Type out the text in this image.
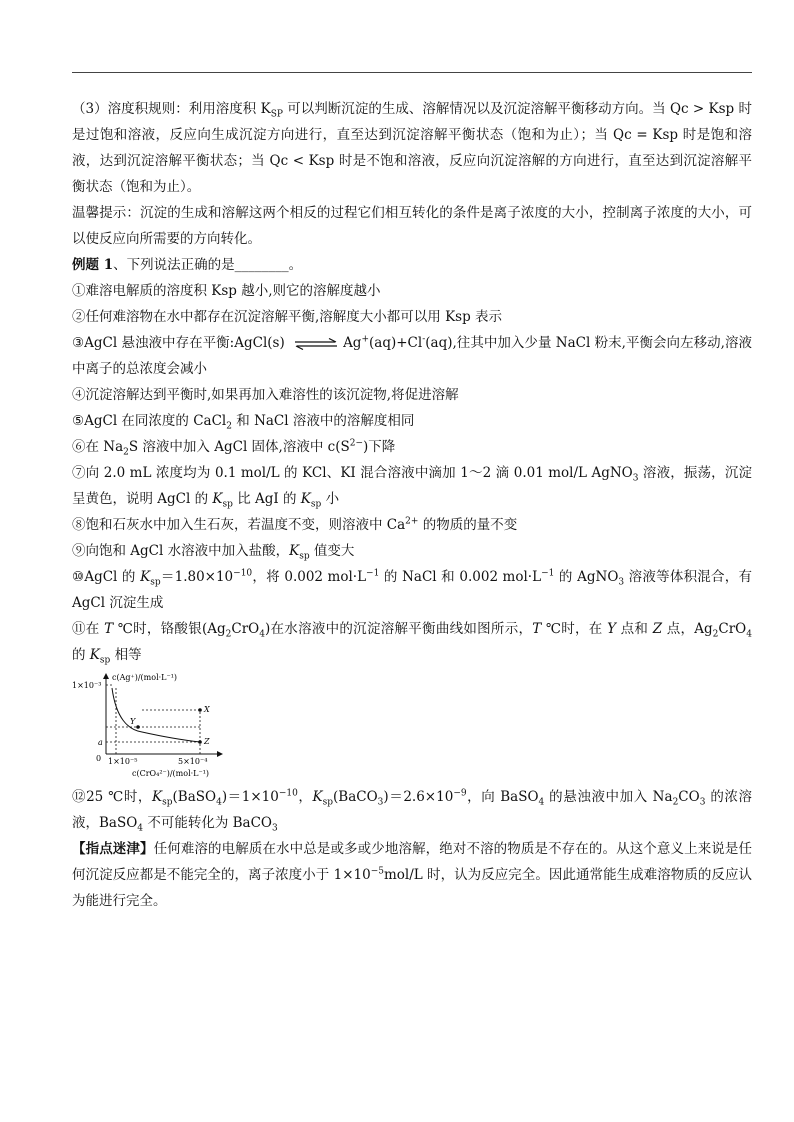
（3）溶度积规则：利用溶度积 $K_{SP}$ 可以判断沉淀的生成、溶解情况以及沉淀溶解平衡移动方向。当 Qc > Ksp 时是过饱和溶液，反应向生成沉淀方向进行，直至达到沉淀溶解平衡状态（饱和为止）；当 Qc = Ksp 时是饱和溶液，达到沉淀溶解平衡状态；当 Qc < Ksp 时是不饱和溶液，反应向沉淀溶解的方向进行，直至达到沉淀溶解平衡状态（饱和为止）。

温馨提示：沉淀的生成和溶解这两个相反的过程它们相互转化的条件是离子浓度的大小，控制离子浓度的大小，可以使反应向所需要的方向转化。

例题 1、下列说法正确的是________。

①难溶电解质的溶度积 Ksp 越小,则它的溶解度越小

②任何难溶物在水中都存在沉淀溶解平衡,溶解度大小都可以用 Ksp 表示

③AgCl 悬浊液中存在平衡:AgCl(s) ⇌ Ag+(aq)+Cl-(aq),往其中加入少量 NaCl 粉末,平衡会向左移动,溶液中离子的总浓度会减小

④沉淀溶解达到平衡时,如果再加入难溶性的该沉淀物,将促进溶解

⑤AgCl 在同浓度的 CaCl$_2$ 和 NaCl 溶液中的溶解度相同

⑥在 $Na_2S$ 溶液中加入 AgCl 固体,溶液中 $c(S^{2-})$下降

⑦向 2.0 mL 浓度均为 0.1 mol/L 的 KCl、KI 混合溶液中滴加 1～2 滴 0.01 mol/L AgNO$_3$ 溶液，振荡，沉淀呈黄色，说明 AgCl 的 $K_{sp}$ 比 AgI 的 $K_{sp}$ 小

⑧饱和石灰水中加入生石灰，若温度不变，则溶液中 $Ca^{2+}$ 的物质的量不变

⑨向饱和 AgCl 水溶液中加入盐酸，$K_{sp}$ 值变大

⑩AgCl 的 $K_{sp}=1.80\times 10^{-10}$，将 0.002 $mol\cdot L^{-1}$ 的 NaCl 和 0.002 $mol\cdot L^{-1}$ 的 AgNO$_3$ 溶液等体积混合，有 AgCl 沉淀生成

⑪在 T ℃时，铬酸银$(Ag_2CrO_4)$在水溶液中的沉淀溶解平衡曲线如图所示，T ℃时，在 Y 点和 Z 点，$Ag_2CrO_4$ 的 $K_{sp}$ 相等

c(Ag⁺)/(mol·L⁻¹)
1×10⁻³
X
Y
Z
a
0 1×10⁻⁵	5×10⁻⁴
c(CrO₄²⁻)/(mol·L⁻¹)

⑫25 ℃时，$K_{sp}(BaSO_4)=1\times 10^{-10}$，$K_{sp}(BaCO_3)=2.6\times 10^{-9}$，向 BaSO$_4$ 的悬浊液中加入 $Na_2CO_3$ 的浓溶液，BaSO$_4$ 不可能转化为 BaCO$_3$

【指点迷津】任何难溶的电解质在水中总是或多或少地溶解，绝对不溶的物质是不存在的。从这个意义上来说是任何沉淀反应都是不能完全的，离子浓度小于 $1\times 10^{-5}mol/L$ 时，认为反应完全。因此通常能生成难溶物质的反应认为能进行完全。
